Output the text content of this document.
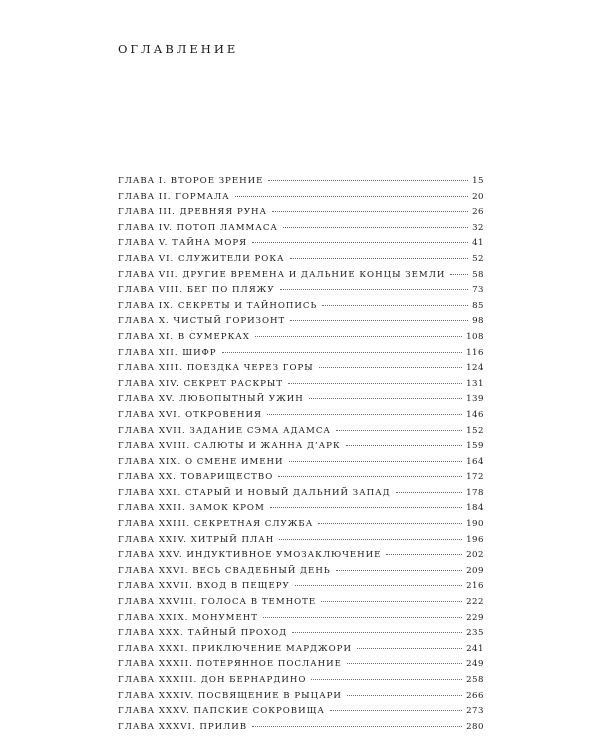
ОГЛАВЛЕНИЕ
ГЛАВА I. ВТОРОЕ ЗРЕНИЕ	15
ГЛАВА II. ГОРМАЛА	20
ГЛАВА III. ДРЕВНЯЯ РУНА	26
ГЛАВА IV. ПОТОП ЛАММАСА	32
ГЛАВА V. ТАЙНА МОРЯ	41
ГЛАВА VI. СЛУЖИТЕЛИ РОКА	52
ГЛАВА VII. ДРУГИЕ ВРЕМЕНА И ДАЛЬНИЕ КОНЦЫ ЗЕМЛИ	58
ГЛАВА VIII. БЕГ ПО ПЛЯЖУ	73
ГЛАВА IX. СЕКРЕТЫ И ТАЙНОПИСЬ	85
ГЛАВА X. ЧИСТЫЙ ГОРИЗОНТ	98
ГЛАВА XI. В СУМЕРКАХ	108
ГЛАВА XII. ШИФР	116
ГЛАВА XIII. ПОЕЗДКА ЧЕРЕЗ ГОРЫ	124
ГЛАВА XIV. СЕКРЕТ РАСКРЫТ	131
ГЛАВА XV. ЛЮБОПЫТНЫЙ УЖИН	139
ГЛАВА XVI. ОТКРОВЕНИЯ	146
ГЛАВА XVII. ЗАДАНИЕ СЭМА АДАМСА	152
ГЛАВА XVIII. САЛЮТЫ И ЖАННА Д’АРК	159
ГЛАВА XIX. О СМЕНЕ ИМЕНИ	164
ГЛАВА XX. ТОВАРИЩЕСТВО	172
ГЛАВА XXI. СТАРЫЙ И НОВЫЙ ДАЛЬНИЙ ЗАПАД	178
ГЛАВА XXII. ЗАМОК КРОМ	184
ГЛАВА XXIII. СЕКРЕТНАЯ СЛУЖБА	190
ГЛАВА XXIV. ХИТРЫЙ ПЛАН	196
ГЛАВА XXV. ИНДУКТИВНОЕ УМОЗАКЛЮЧЕНИЕ	202
ГЛАВА XXVI. ВЕСЬ СВАДЕБНЫЙ ДЕНЬ	209
ГЛАВА XXVII. ВХОД В ПЕЩЕРУ	216
ГЛАВА XXVIII. ГОЛОСА В ТЕМНОТЕ	222
ГЛАВА XXIX. МОНУМЕНТ	229
ГЛАВА XXX. ТАЙНЫЙ ПРОХОД	235
ГЛАВА XXXI. ПРИКЛЮЧЕНИЕ МАРДЖОРИ	241
ГЛАВА XXXII. ПОТЕРЯННОЕ ПОСЛАНИЕ	249
ГЛАВА XXXIII. ДОН БЕРНАРДИНО	258
ГЛАВА XXXIV. ПОСВЯЩЕНИЕ В РЫЦАРИ	266
ГЛАВА XXXV. ПАПСКИЕ СОКРОВИЩА	273
ГЛАВА XXXVI. ПРИЛИВ	280
